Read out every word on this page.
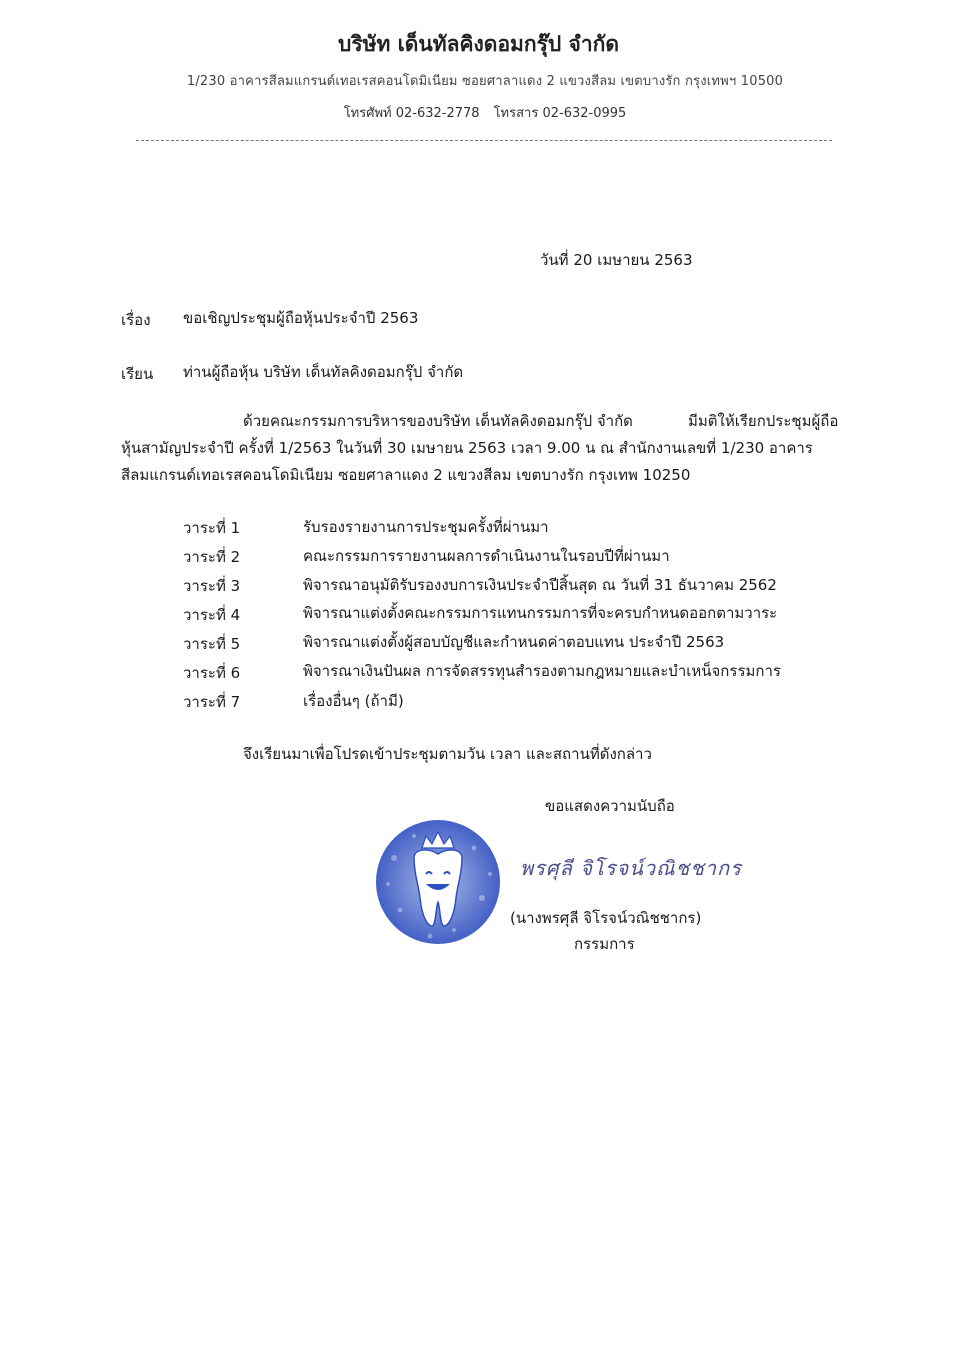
บริษัท เด็นทัลคิงดอมกรุ๊ป จำกัด
1/230 อาคารสีลมแกรนด์เทอเรสคอนโดมิเนียม ซอยศาลาแดง 2 แขวงสีลม เขตบางรัก กรุงเทพฯ 10500
โทรศัพท์ 02-632-2778 โทรสาร 02-632-0995
วันที่ 20 เมษายน 2563
เรื่อง ขอเชิญประชุมผู้ถือหุ้นประจำปี 2563
เรียน ท่านผู้ถือหุ้น บริษัท เด็นทัลคิงดอมกรุ๊ป จำกัด
ด้วยคณะกรรมการบริหารของบริษัท เด็นทัลคิงดอมกรุ๊ป จำกัด	มีมติให้เรียกประชุมผู้ถือ
หุ้นสามัญประจำปี ครั้งที่ 1/2563 ในวันที่ 30 เมษายน 2563 เวลา 9.00 น ณ สำนักงานเลขที่ 1/230 อาคาร
สีลมแกรนด์เทอเรสคอนโดมิเนียม ซอยศาลาแดง 2 แขวงสีลม เขตบางรัก กรุงเทพ 10250
วาระที่ 1	รับรองรายงานการประชุมครั้งที่ผ่านมา
วาระที่ 2	คณะกรรมการรายงานผลการดำเนินงานในรอบปีที่ผ่านมา
วาระที่ 3	พิจารณาอนุมัติรับรองงบการเงินประจำปีสิ้นสุด ณ วันที่ 31 ธันวาคม 2562
วาระที่ 4	พิจารณาแต่งตั้งคณะกรรมการแทนกรรมการที่จะครบกำหนดออกตามวาระ
วาระที่ 5	พิจารณาแต่งตั้งผู้สอบบัญชีและกำหนดค่าตอบแทน ประจำปี 2563
วาระที่ 6	พิจารณาเงินปันผล การจัดสรรทุนสำรองตามกฎหมายและบำเหน็จกรรมการ
วาระที่ 7	เรื่องอื่นๆ (ถ้ามี)
จึงเรียนมาเพื่อโปรดเข้าประชุมตามวัน เวลา และสถานที่ดังกล่าว
ขอแสดงความนับถือ
พรศุลี จิโรจน์วณิชชากร
(นางพรศุลี จิโรจน์วณิชชากร)
กรรมการ
